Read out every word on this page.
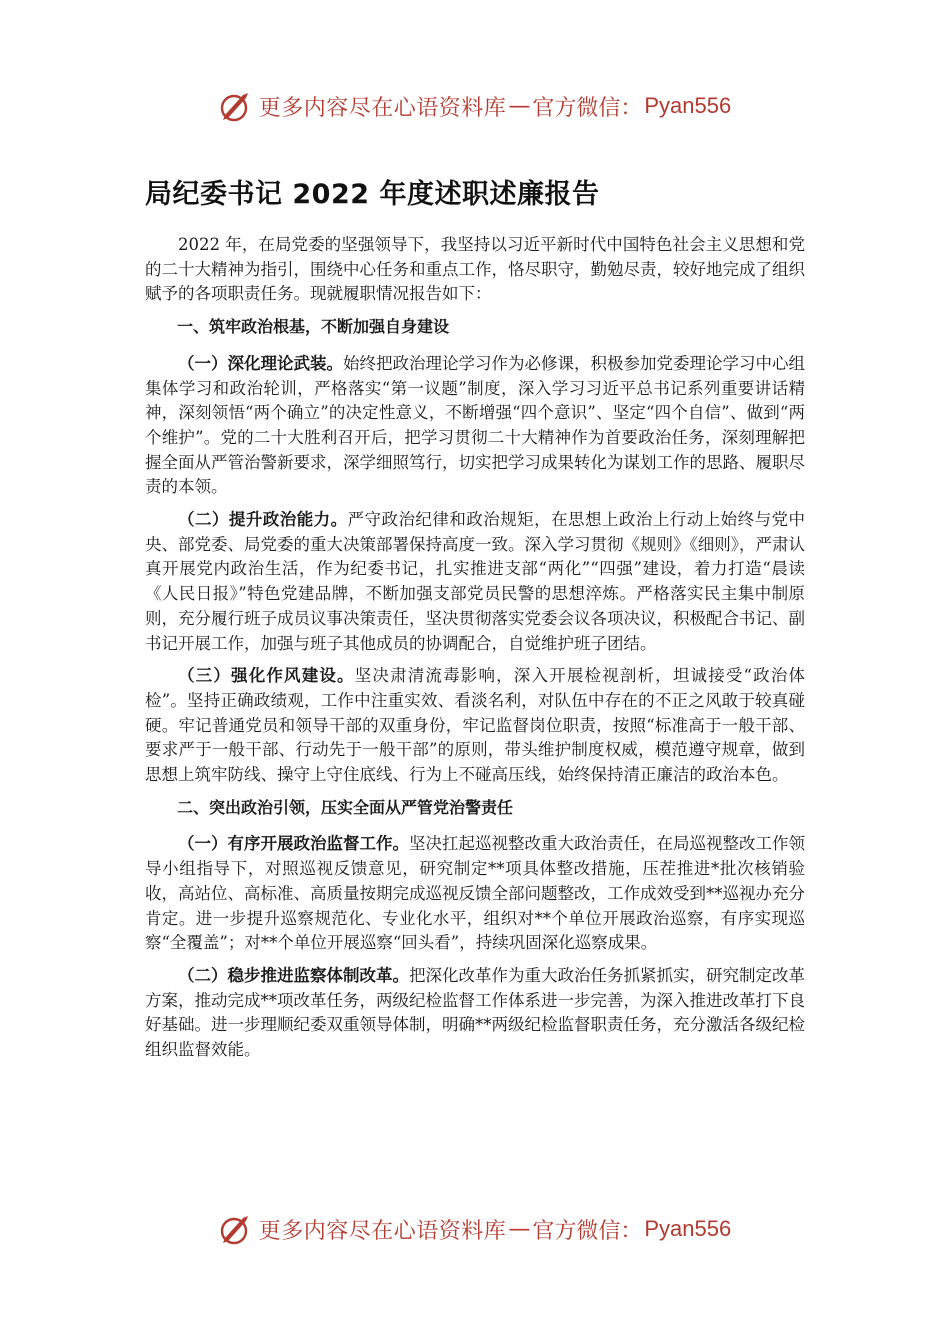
更多内容尽在心语资料库 — 官方微信： Pyan556
局纪委书记 2022 年度述职述廉报告

2022 年，在局党委的坚强领导下，我坚持以习近平新时代中国特色社会主义思想和党的二十大精神为指引，围绕中心任务和重点工作，恪尽职守，勤勉尽责，较好地完成了组织赋予的各项职责任务。现就履职情况报告如下：

一、筑牢政治根基，不断加强自身建设

（一）深化理论武装。始终把政治理论学习作为必修课，积极参加党委理论学习中心组集体学习和政治轮训，严格落实“第一议题”制度，深入学习习近平总书记系列重要讲话精神，深刻领悟“两个确立”的决定性意义，不断增强“四个意识”、坚定“四个自信”、做到“两个维护”。党的二十大胜利召开后，把学习贯彻二十大精神作为首要政治任务，深刻理解把握全面从严管治警新要求，深学细照笃行，切实把学习成果转化为谋划工作的思路、履职尽责的本领。

（二）提升政治能力。严守政治纪律和政治规矩，在思想上政治上行动上始终与党中央、部党委、局党委的重大决策部署保持高度一致。深入学习贯彻《规则》《细则》，严肃认真开展党内政治生活，作为纪委书记，扎实推进支部“两化”“四强”建设，着力打造“晨读《人民日报》”特色党建品牌，不断加强支部党员民警的思想淬炼。严格落实民主集中制原则，充分履行班子成员议事决策责任，坚决贯彻落实党委会议各项决议，积极配合书记、副书记开展工作，加强与班子其他成员的协调配合，自觉维护班子团结。

（三）强化作风建设。坚决肃清流毒影响，深入开展检视剖析，坦诚接受“政治体检”。坚持正确政绩观，工作中注重实效、看淡名利，对队伍中存在的不正之风敢于较真碰硬。牢记普通党员和领导干部的双重身份，牢记监督岗位职责，按照“标准高于一般干部、要求严于一般干部、行动先于一般干部”的原则，带头维护制度权威，模范遵守规章，做到思想上筑牢防线、操守上守住底线、行为上不碰高压线，始终保持清正廉洁的政治本色。

二、突出政治引领，压实全面从严管党治警责任

（一）有序开展政治监督工作。坚决扛起巡视整改重大政治责任，在局巡视整改工作领导小组指导下，对照巡视反馈意见，研究制定**项具体整改措施，压茬推进*批次核销验收，高站位、高标准、高质量按期完成巡视反馈全部问题整改，工作成效受到**巡视办充分肯定。进一步提升巡察规范化、专业化水平，组织对**个单位开展政治巡察，有序实现巡察“全覆盖”；对**个单位开展巡察“回头看”，持续巩固深化巡察成果。

（二）稳步推进监察体制改革。把深化改革作为重大政治任务抓紧抓实，研究制定改革方案，推动完成**项改革任务，两级纪检监督工作体系进一步完善，为深入推进改革打下良好基础。进一步理顺纪委双重领导体制，明确**两级纪检监督职责任务，充分激活各级纪检组织监督效能。

更多内容尽在心语资料库 — 官方微信： Pyan556
